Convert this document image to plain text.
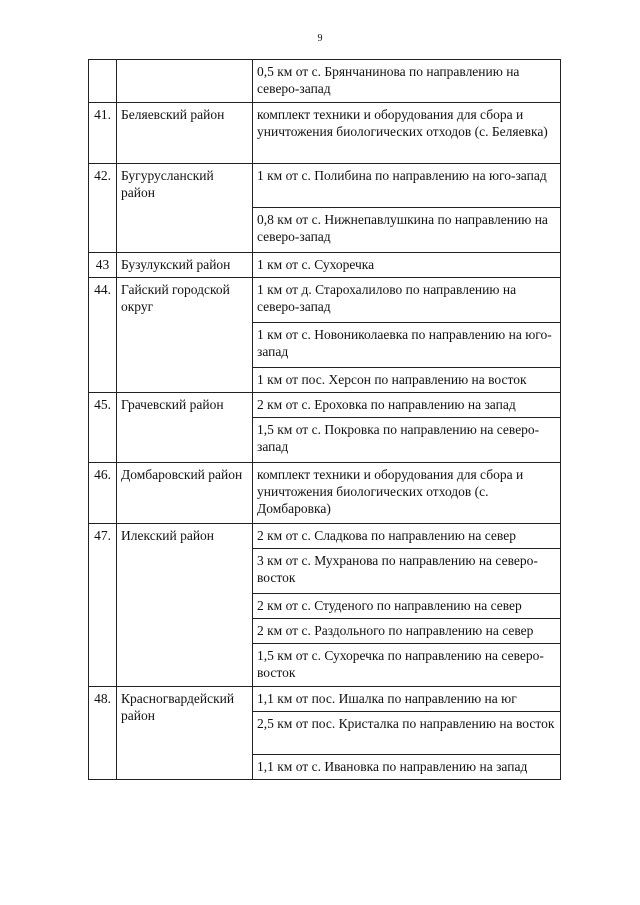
9
		0,5 км от с. Брянчанинова по направлению на северо-запад
41.	Беляевский район	комплект техники и оборудования для сбора и уничтожения биологических отходов (с. Беляевка)
42.	Бугурусланский район	1 км от с. Полибина по направлению на юго-запад
		0,8 км от с. Нижнепавлушкина по направлению на северо-запад
43	Бузулукский район	1 км от с. Сухоречка
44.	Гайский городской округ	1 км от д. Старохалилово по направлению на северо-запад
		1 км от с. Новониколаевка по направлению на юго-запад
		1 км от пос. Херсон по направлению на восток
45.	Грачевский район	2 км от с. Ероховка по направлению на запад
		1,5 км от с. Покровка по направлению на северо-запад
46.	Домбаровский район	комплект техники и оборудования для сбора и уничтожения биологических отходов (с. Домбаровка)
47.	Илекский район	2 км от с. Сладкова по направлению на север
		3 км от с. Мухранова по направлению на северо-восток
		2 км от с. Студеного по направлению на север
		2 км от с. Раздольного по направлению на север
		1,5 км от с. Сухоречка по направлению на северо-восток
48.	Красногвардейский район	1,1 км от пос. Ишалка по направлению на юг
		2,5 км от пос. Кристалка по направлению на восток
		1,1 км от с. Ивановка по направлению на запад
